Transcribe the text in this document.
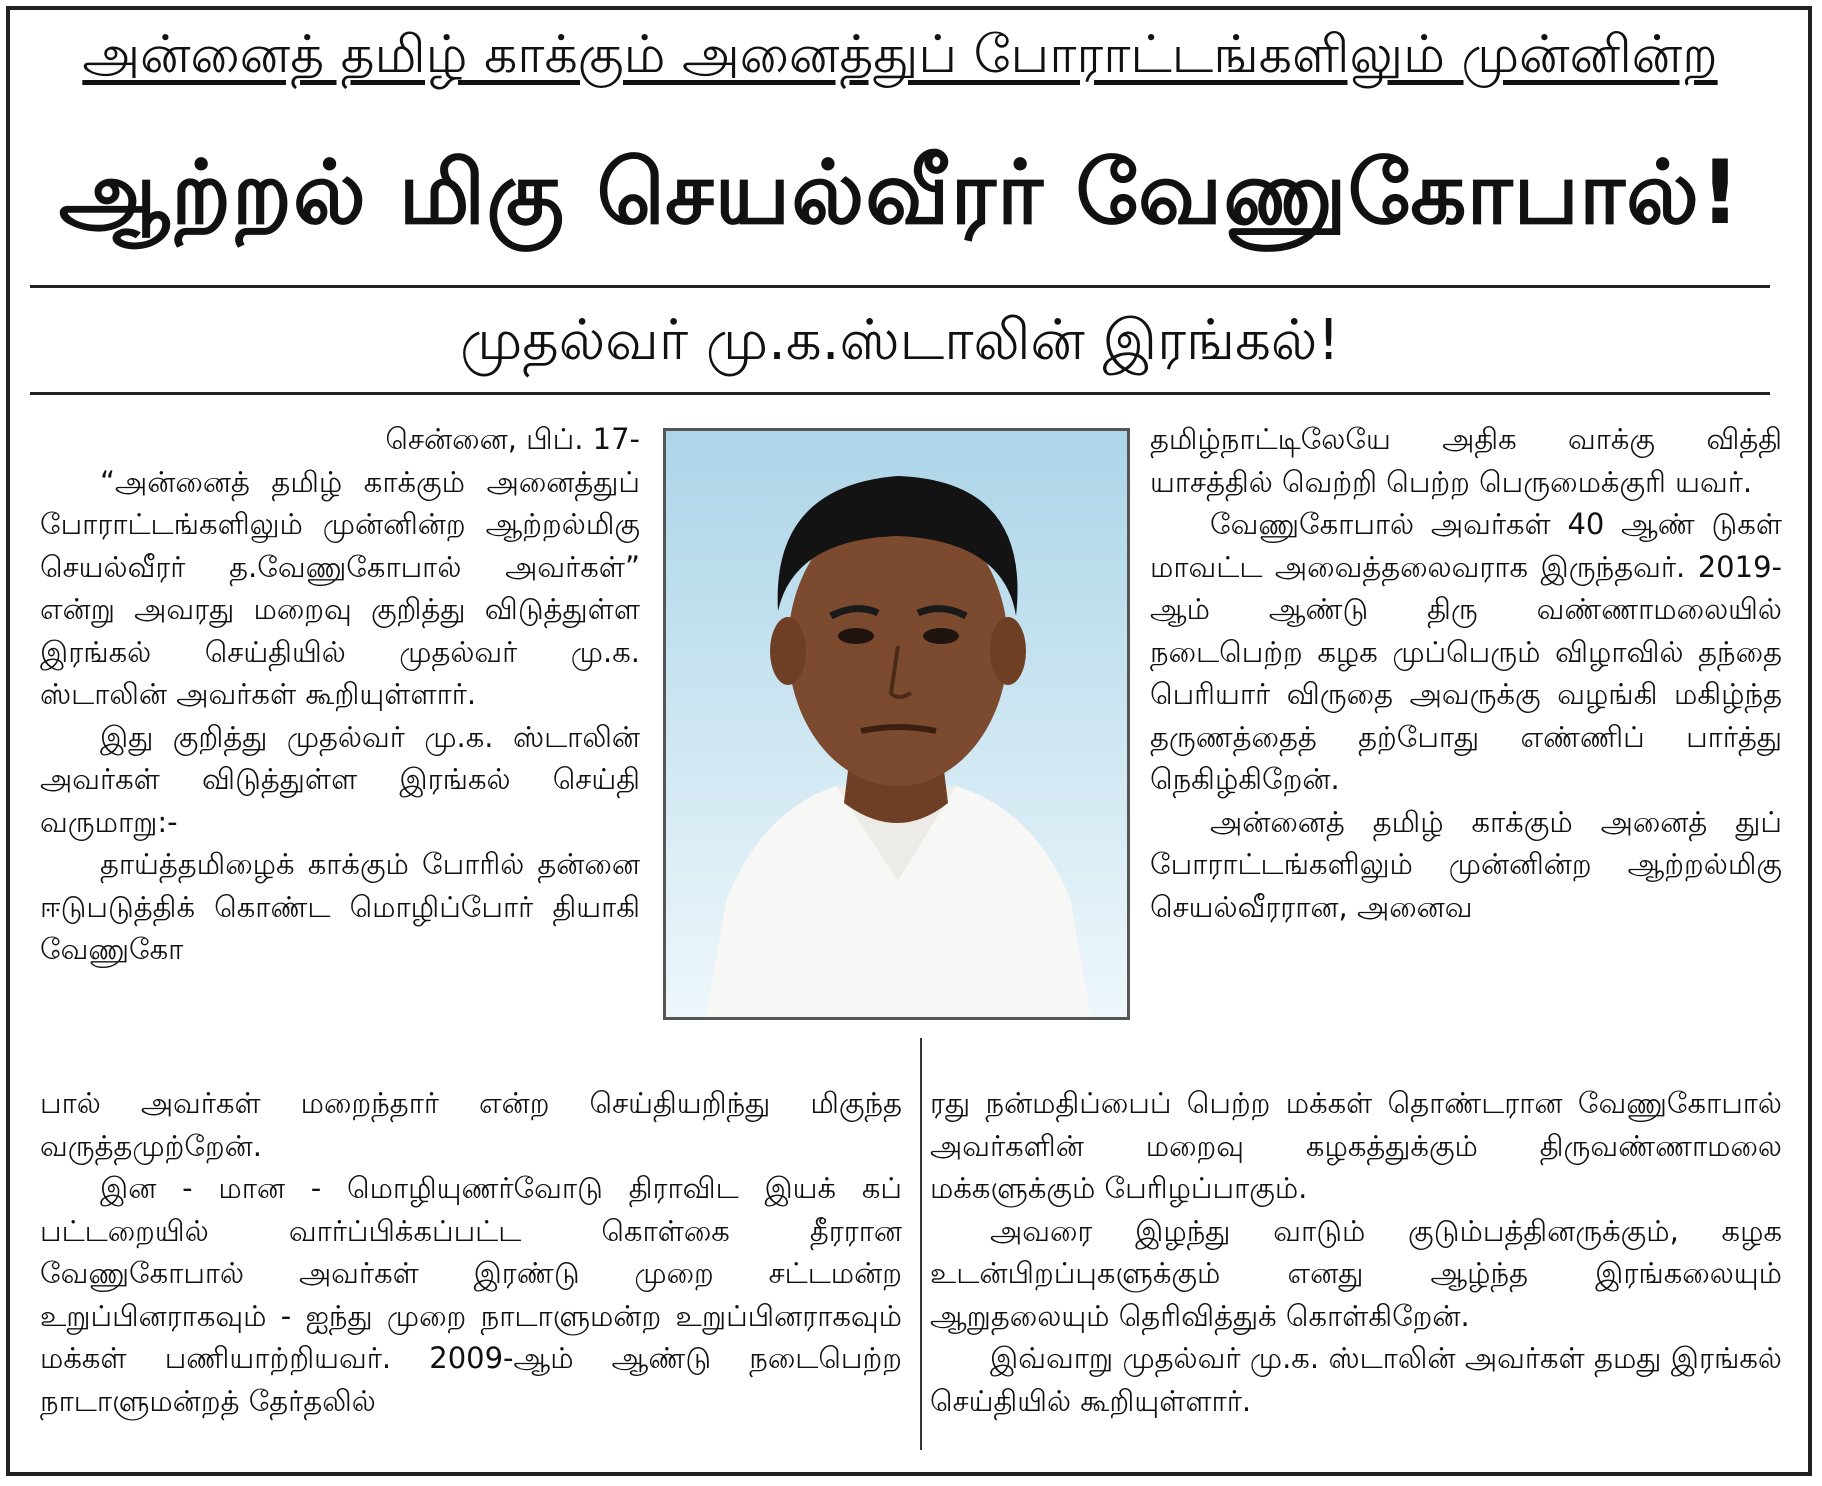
அன்னைத் தமிழ் காக்கும் அனைத்துப் போராட்டங்களிலும் முன்னின்ற
ஆற்றல் மிகு செயல்வீரர் வேணுகோபால்!
முதல்வர் மு.க.ஸ்டாலின் இரங்கல்!

சென்னை, பிப். 17-

“அன்னைத் தமிழ் காக்கும் அனைத்துப் போராட்டங்களிலும் முன்னின்ற ஆற்றல்மிகு செயல்வீரர் த.வேணுகோபால் அவர்கள்” என்று அவரது மறைவு குறித்து விடுத்துள்ள இரங்கல் செய்தியில் முதல்வர் மு.க. ஸ்டாலின் அவர்கள் கூறியுள்ளார்.

இது குறித்து முதல்வர் மு.க. ஸ்டாலின் அவர்கள் விடுத்துள்ள இரங்கல் செய்தி வருமாறு:-

தாய்த்தமிழைக் காக்கும் போரில் தன்னை ஈடுபடுத்திக் கொண்ட மொழிப்போர் தியாகி வேணுகோ

பால் அவர்கள் மறைந்தார் என்ற செய்தியறிந்து மிகுந்த வருத்தமுற்றேன்.

இன - மான - மொழியுணர்வோடு திராவிட இயக் கப் பட்டறையில் வார்ப்பிக்கப்பட்ட கொள்கை தீரரான வேணுகோபால் அவர்கள் இரண்டு முறை சட்டமன்ற உறுப்பினராகவும் - ஐந்து முறை நாடாளுமன்ற உறுப்பினராகவும் மக்கள் பணியாற்றியவர். 2009-ஆம் ஆண்டு நடைபெற்ற நாடாளுமன்றத் தேர்தலில்

தமிழ்நாட்டிலேயே அதிக வாக்கு வித்தி யாசத்தில் வெற்றி பெற்ற பெருமைக்குரி யவர்.

வேணுகோபால் அவர்கள் 40 ஆண் டுகள் மாவட்ட அவைத்தலைவராக இருந்தவர். 2019-ஆம் ஆண்டு திரு வண்ணாமலையில் நடைபெற்ற கழக முப்பெரும் விழாவில் தந்தை பெரியார் விருதை அவருக்கு வழங்கி மகிழ்ந்த தருணத்தைத் தற்போது எண்ணிப் பார்த்து நெகிழ்கிறேன்.

அன்னைத் தமிழ் காக்கும் அனைத் துப் போராட்டங்களிலும் முன்னின்ற ஆற்றல்மிகு செயல்வீரரான, அனைவ

ரது நன்மதிப்பைப் பெற்ற மக்கள் தொண்டரான வேணுகோபால் அவர்களின் மறைவு கழகத்துக்கும் திருவண்ணாமலை மக்களுக்கும் பேரிழப்பாகும்.

அவரை இழந்து வாடும் குடும்பத்தினருக்கும், கழக உடன்பிறப்புகளுக்கும் எனது ஆழ்ந்த இரங்கலையும் ஆறுதலையும் தெரிவித்துக் கொள்கிறேன்.

இவ்வாறு முதல்வர் மு.க. ஸ்டாலின் அவர்கள் தமது இரங்கல் செய்தியில் கூறியுள்ளார்.
